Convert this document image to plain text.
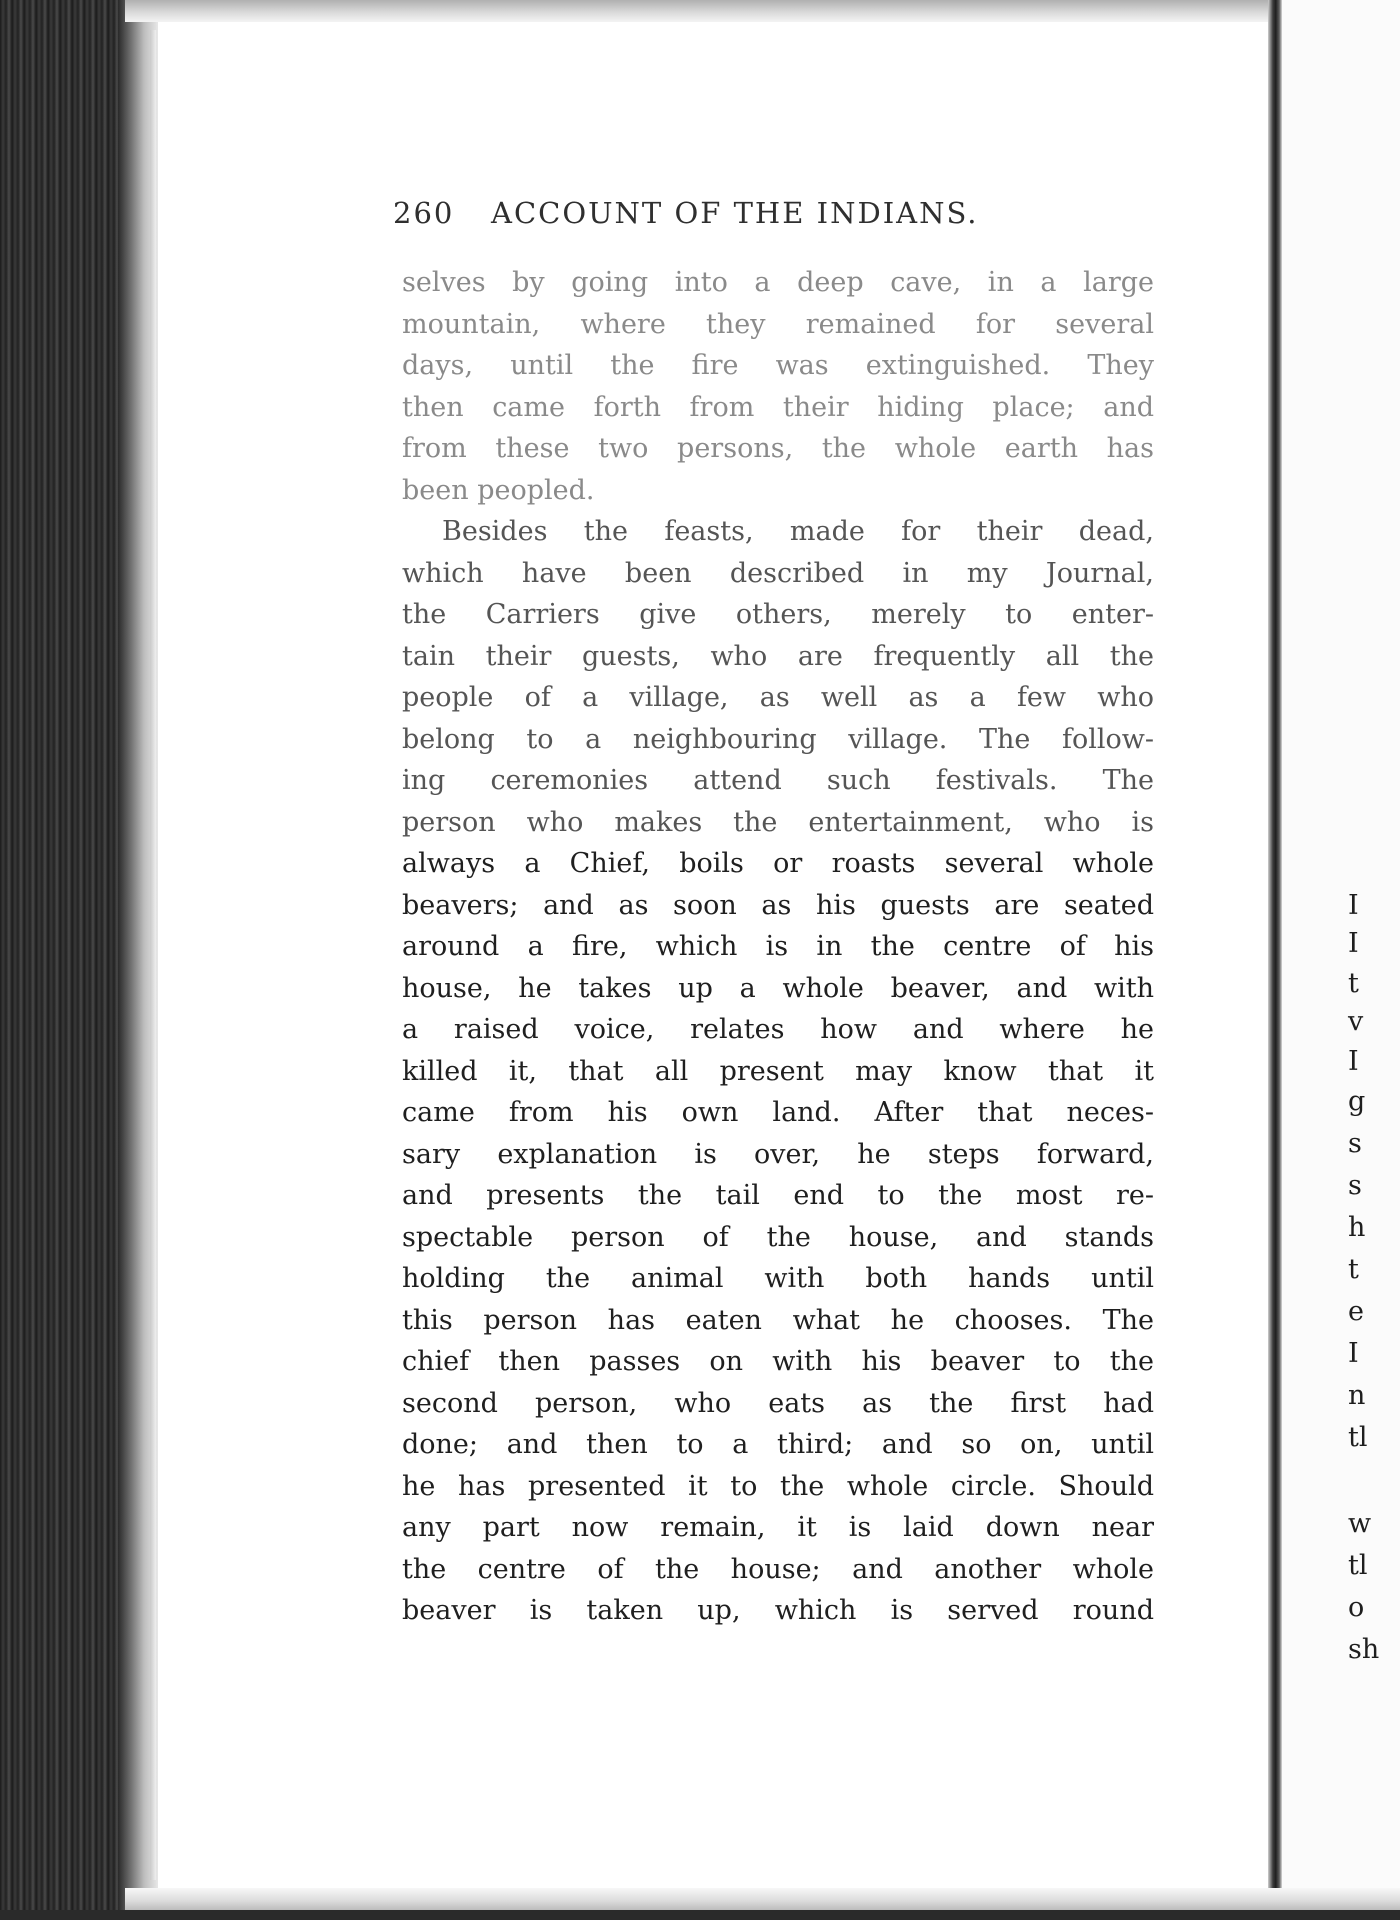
I
I
t
v
I
g
s
s
h
t
e
I
n
tl
w
tl
o
sh
260 ACCOUNT OF THE INDIANS.
selves by going into a deep cave, in a large
mountain, where they remained for several
days, until the fire was extinguished. They
then came forth from their hiding place; and
from these two persons, the whole earth has
been peopled.
Besides the feasts, made for their dead,
which have been described in my Journal,
the Carriers give others, merely to enter-
tain their guests, who are frequently all the
people of a village, as well as a few who
belong to a neighbouring village. The follow-
ing ceremonies attend such festivals. The
person who makes the entertainment, who is
always a Chief, boils or roasts several whole
beavers; and as soon as his guests are seated
around a fire, which is in the centre of his
house, he takes up a whole beaver, and with
a raised voice, relates how and where he
killed it, that all present may know that it
came from his own land. After that neces-
sary explanation is over, he steps forward,
and presents the tail end to the most re-
spectable person of the house, and stands
holding the animal with both hands until
this person has eaten what he chooses. The
chief then passes on with his beaver to the
second person, who eats as the first had
done; and then to a third; and so on, until
he has presented it to the whole circle. Should
any part now remain, it is laid down near
the centre of the house; and another whole
beaver is taken up, which is served round
